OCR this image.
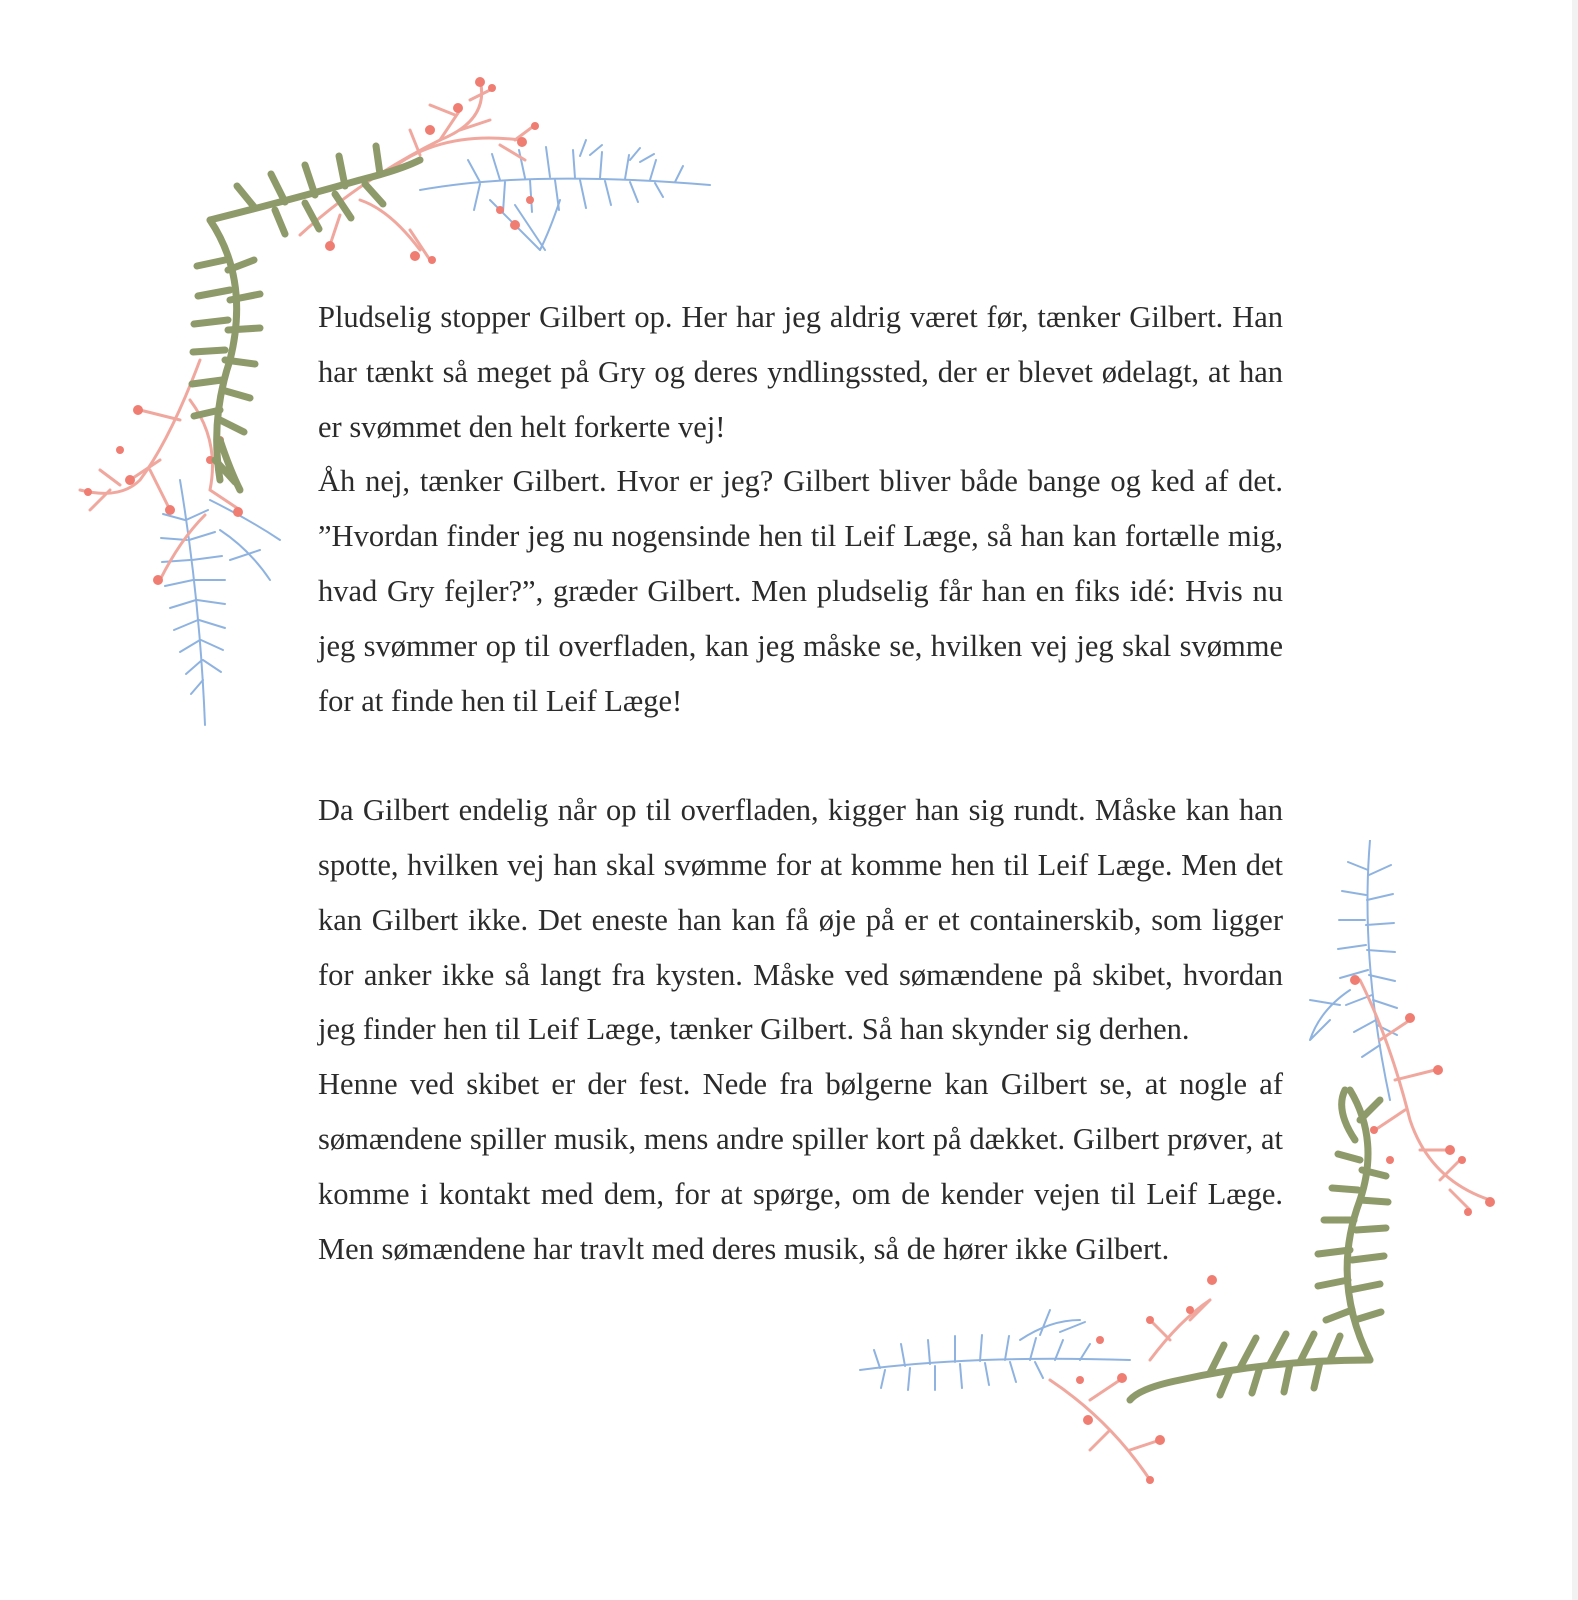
Pludselig stopper Gilbert op. Her har jeg aldrig været før, tænker Gilbert. Han har tænkt så meget på Gry og deres yndlingssted, der er blevet ødelagt, at han er svømmet den helt forkerte vej!

Åh nej, tænker Gilbert. Hvor er jeg? Gilbert bliver både bange og ked af det. ”Hvordan finder jeg nu nogensinde hen til Leif Læge, så han kan fortælle mig, hvad Gry fejler?”, græder Gilbert. Men pludselig får han en fiks idé: Hvis nu jeg svømmer op til overfladen, kan jeg måske se, hvilken vej jeg skal svømme for at finde hen til Leif Læge!

Da Gilbert endelig når op til overfladen, kigger han sig rundt. Måske kan han spotte, hvilken vej han skal svømme for at komme hen til Leif Læge. Men det kan Gilbert ikke. Det eneste han kan få øje på er et containerskib, som ligger for anker ikke så langt fra kysten. Måske ved sømændene på skibet, hvordan jeg finder hen til Leif Læge, tænker Gilbert. Så han skynder sig derhen.

Henne ved skibet er der fest. Nede fra bølgerne kan Gilbert se, at nogle af sømændene spiller musik, mens andre spiller kort på dækket. Gilbert prøver, at komme i kontakt med dem, for at spørge, om de kender vejen til Leif Læge. Men sømændene har travlt med deres musik, så de hører ikke Gilbert.
